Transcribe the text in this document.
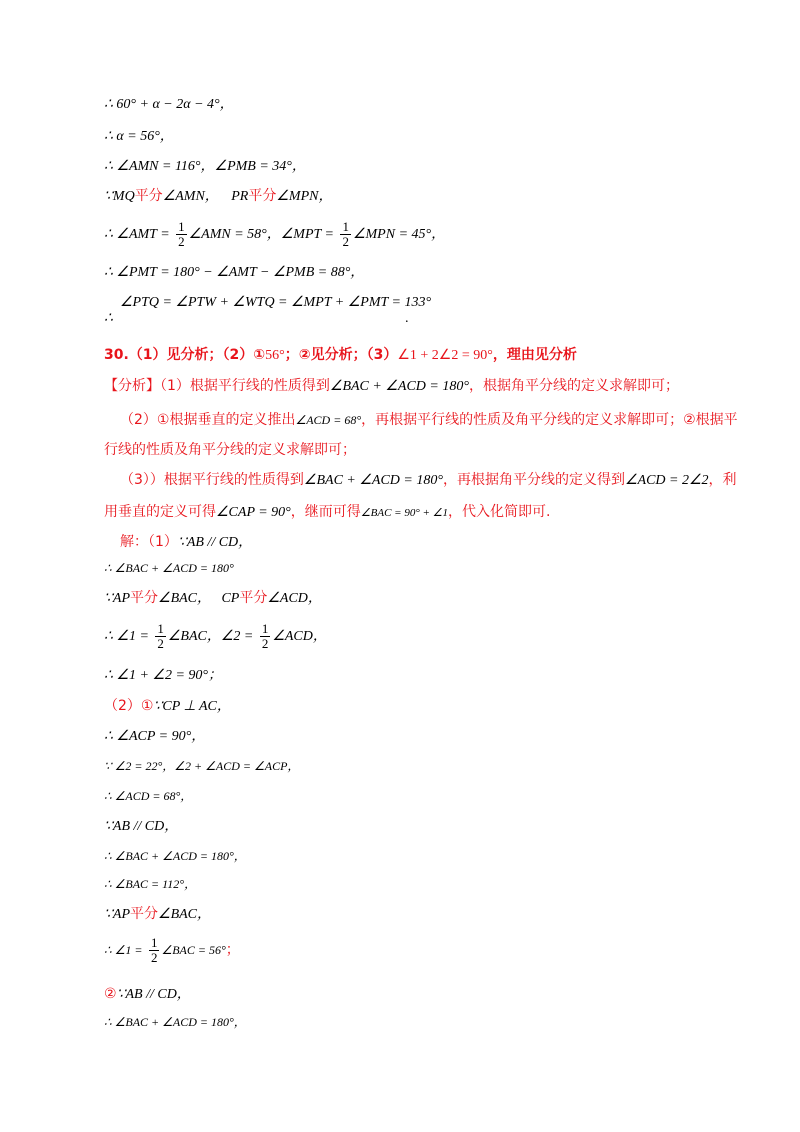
∴ 60° + α − 2α − 4°，
∴ α = 56°，
∴ ∠AMN = 116°，∠PMB = 34°，
∵MQ平分∠AMN， PR平分∠MPN，
∴ ∠AMT = $\frac{1}{2}$ ∠AMN = 58°，∠MPT = $\frac{1}{2}$ ∠MPN = 45°，
∴ ∠PMT = 180° − ∠AMT − ∠PMB = 88°，
∠PTQ = ∠PTW + ∠WTQ = ∠MPT + ∠PMT = 133°
∴	.
30.（1）见分析；（2）①56°；②见分析；（3）∠1 + 2∠2 = 90°，理由见分析
【分析】（1）根据平行线的性质得到∠BAC + ∠ACD = 180°，根据角平分线的定义求解即可；
（2）①根据垂直的定义推出∠ACD = 68°，再根据平行线的性质及角平分线的定义求解即可；②根据平
行线的性质及角平分线的定义求解即可；
（3））根据平行线的性质得到∠BAC + ∠ACD = 180°，再根据角平分线的定义得到∠ACD = 2∠2，利
用垂直的定义可得∠CAP = 90°，继而可得∠BAC = 90° + ∠1，代入化简即可.
解：（1）∵AB // CD，
∴ ∠BAC + ∠ACD = 180°
∵AP平分∠BAC， CP平分∠ACD，
∴ ∠1 = $\frac{1}{2}$ ∠BAC，∠2 = $\frac{1}{2}$ ∠ACD，
∴ ∠1 + ∠2 = 90°；
（2）①∵CP ⊥ AC，
∴ ∠ACP = 90°，
∵ ∠2 = 22°，∠2 + ∠ACD = ∠ACP，
∴ ∠ACD = 68°，
∵AB // CD，
∴ ∠BAC + ∠ACD = 180°，
∴ ∠BAC = 112°，
∵AP平分∠BAC，
∴ ∠1 = $\frac{1}{2}$ ∠BAC = 56°；
②∵AB // CD，
∴ ∠BAC + ∠ACD = 180°，
